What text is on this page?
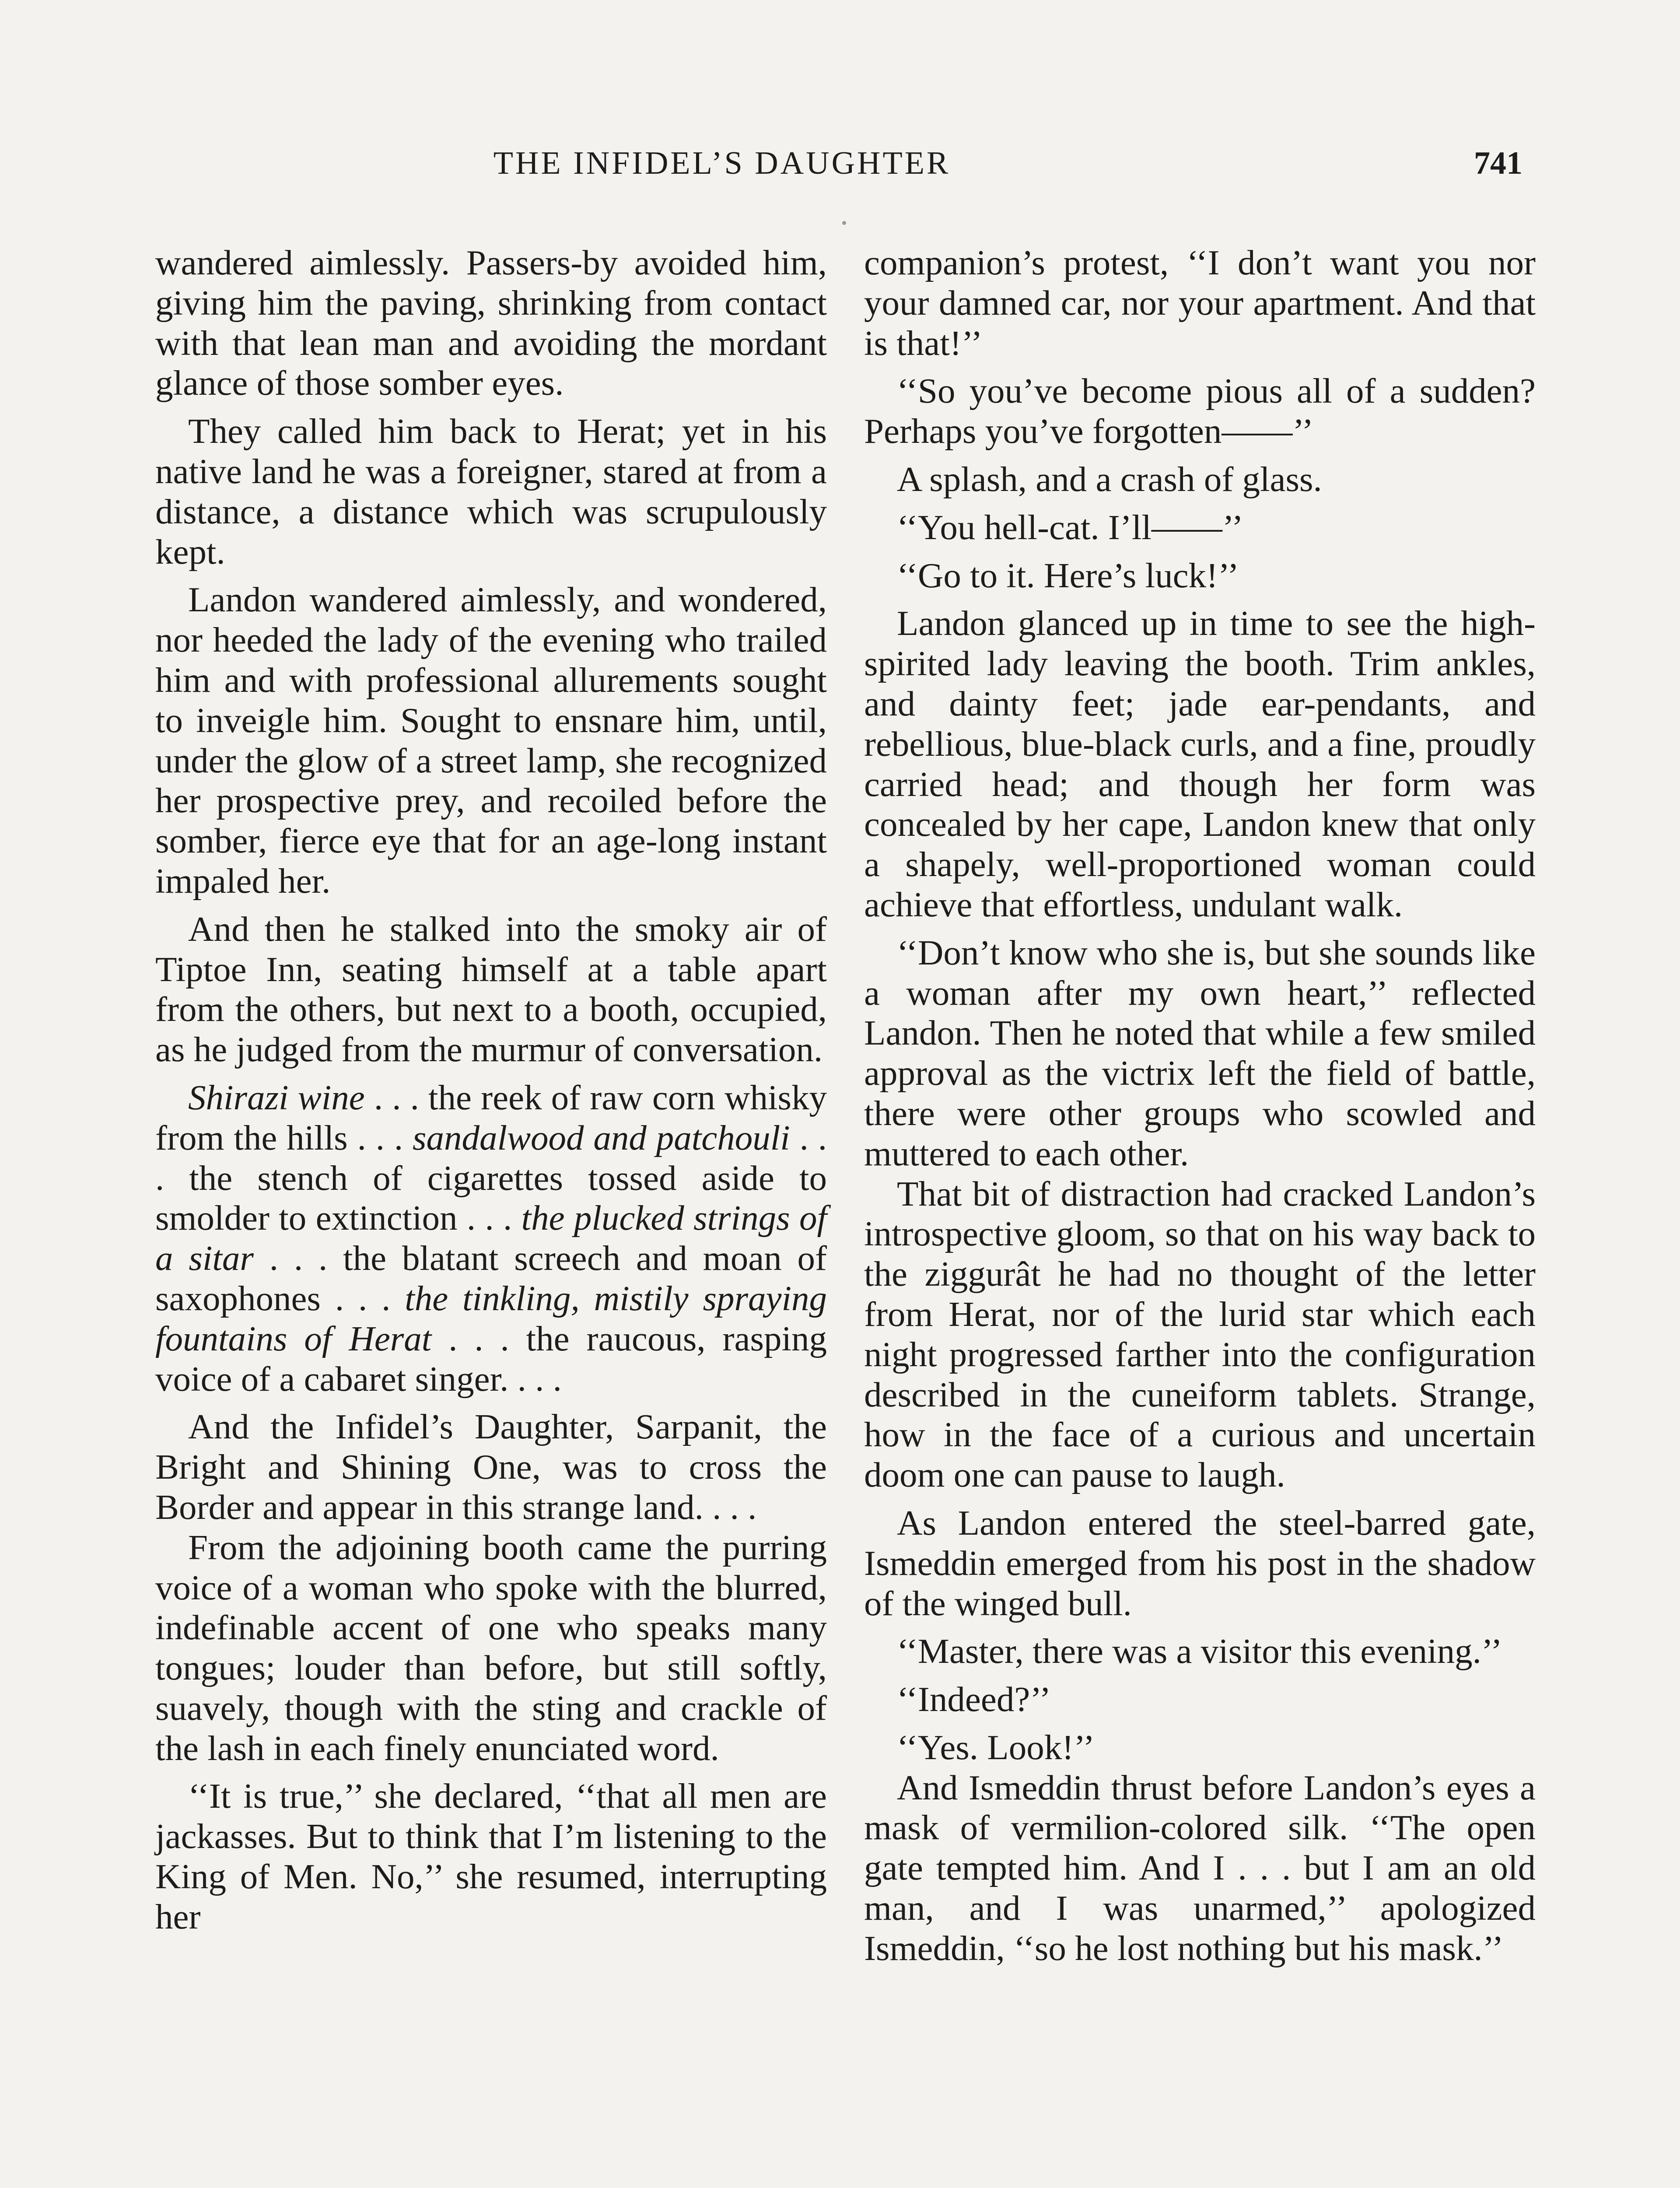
THE INFIDEL’S DAUGHTER	741

wandered aimlessly. Passers-by avoided him, giving him the paving, shrinking from contact with that lean man and avoiding the mordant glance of those somber eyes.

They called him back to Herat; yet in his native land he was a foreigner, stared at from a distance, a distance which was scrupulously kept.

Landon wandered aimlessly, and wondered, nor heeded the lady of the evening who trailed him and with professional allurements sought to inveigle him. Sought to ensnare him, until, under the glow of a street lamp, she recognized her prospective prey, and recoiled before the somber, fierce eye that for an age-long instant impaled her.

And then he stalked into the smoky air of Tiptoe Inn, seating himself at a table apart from the others, but next to a booth, occupied, as he judged from the murmur of conversation.

Shirazi wine . . . the reek of raw corn whisky from the hills . . . sandalwood and patchouli . . . the stench of cigarettes tossed aside to smolder to extinction . . . the plucked strings of a sitar . . . the blatant screech and moan of saxophones . . . the tinkling, mistily spraying fountains of Herat . . . the raucous, rasping voice of a cabaret singer. . . .

And the Infidel’s Daughter, Sarpanit, the Bright and Shining One, was to cross the Border and appear in this strange land. . . .

From the adjoining booth came the purring voice of a woman who spoke with the blurred, indefinable accent of one who speaks many tongues; louder than before, but still softly, suavely, though with the sting and crackle of the lash in each finely enunciated word.

‘‘It is true,’’ she declared, ‘‘that all men are jackasses. But to think that I’m listening to the King of Men. No,’’ she resumed, interrupting her

companion’s protest, ‘‘I don’t want you nor your damned car, nor your apartment. And that is that!’’

‘‘So you’ve become pious all of a sudden? Perhaps you’ve forgotten——’’

A splash, and a crash of glass.

‘‘You hell-cat. I’ll——’’

‘‘Go to it. Here’s luck!’’

Landon glanced up in time to see the high-spirited lady leaving the booth. Trim ankles, and dainty feet; jade ear-pendants, and rebellious, blue-black curls, and a fine, proudly carried head; and though her form was concealed by her cape, Landon knew that only a shapely, well-proportioned woman could achieve that effortless, undulant walk.

‘‘Don’t know who she is, but she sounds like a woman after my own heart,’’ reflected Landon. Then he noted that while a few smiled approval as the victrix left the field of battle, there were other groups who scowled and muttered to each other.

That bit of distraction had cracked Landon’s introspective gloom, so that on his way back to the ziggurât he had no thought of the letter from Herat, nor of the lurid star which each night progressed farther into the configuration described in the cuneiform tablets. Strange, how in the face of a curious and uncertain doom one can pause to laugh.

As Landon entered the steel-barred gate, Ismeddin emerged from his post in the shadow of the winged bull.

‘‘Master, there was a visitor this evening.’’

‘‘Indeed?’’

‘‘Yes. Look!’’

And Ismeddin thrust before Landon’s eyes a mask of vermilion-colored silk. ‘‘The open gate tempted him. And I . . . but I am an old man, and I was unarmed,’’ apologized Ismeddin, ‘‘so he lost nothing but his mask.’’
